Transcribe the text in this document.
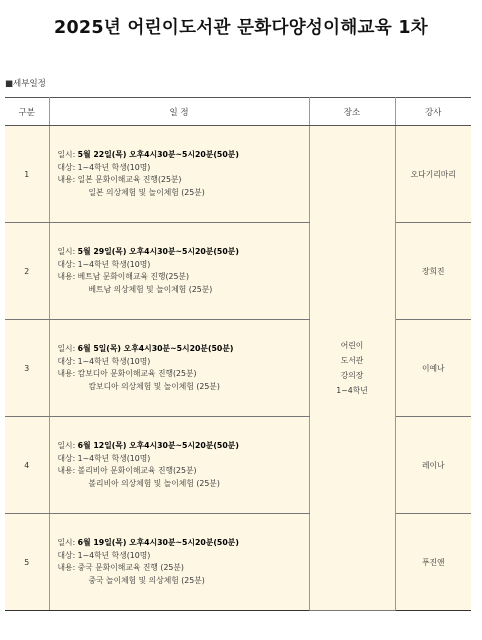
2025년 어린이도서관 문화다양성이해교육 1차
■세부일정
구분	일 정	장소	강사
1	일시: 5월 22일(목) 오후4시30분~5시20분(50분)
대상: 1~4학년 학생(10명)
내용: 일본 문화이해교육 진행(25분)
일본 의상체험 및 놀이체험 (25분)	어린이
도서관
강의장
1~4학년	오다기리마리
2	일시: 5월 29일(목) 오후4시30분~5시20분(50분)
대상: 1~4학년 학생(10명)
내용: 베트남 문화이해교육 진행(25분)
베트남 의상체험 및 놀이체험 (25분)		장희진
3	일시: 6월 5일(목) 오후4시30분~5시20분(50분)
대상: 1~4학년 학생(10명)
내용: 캄보디아 문화이해교육 진행(25분)
캄보디아 의상체험 및 놀이체험 (25분)		이예나
4	일시: 6월 12일(목) 오후4시30분~5시20분(50분)
대상: 1~4학년 학생(10명)
내용: 볼리비아 문화이해교육 진행(25분)
볼리비아 의상체험 및 놀이체험 (25분)		레이나
5	일시: 6월 19일(목) 오후4시30분~5시20분(50분)
대상: 1~4학년 학생(10명)
내용: 중국 문화이해교육 진행 (25분)
중국 놀이체험 및 의상체험 (25분)		푸진앤
